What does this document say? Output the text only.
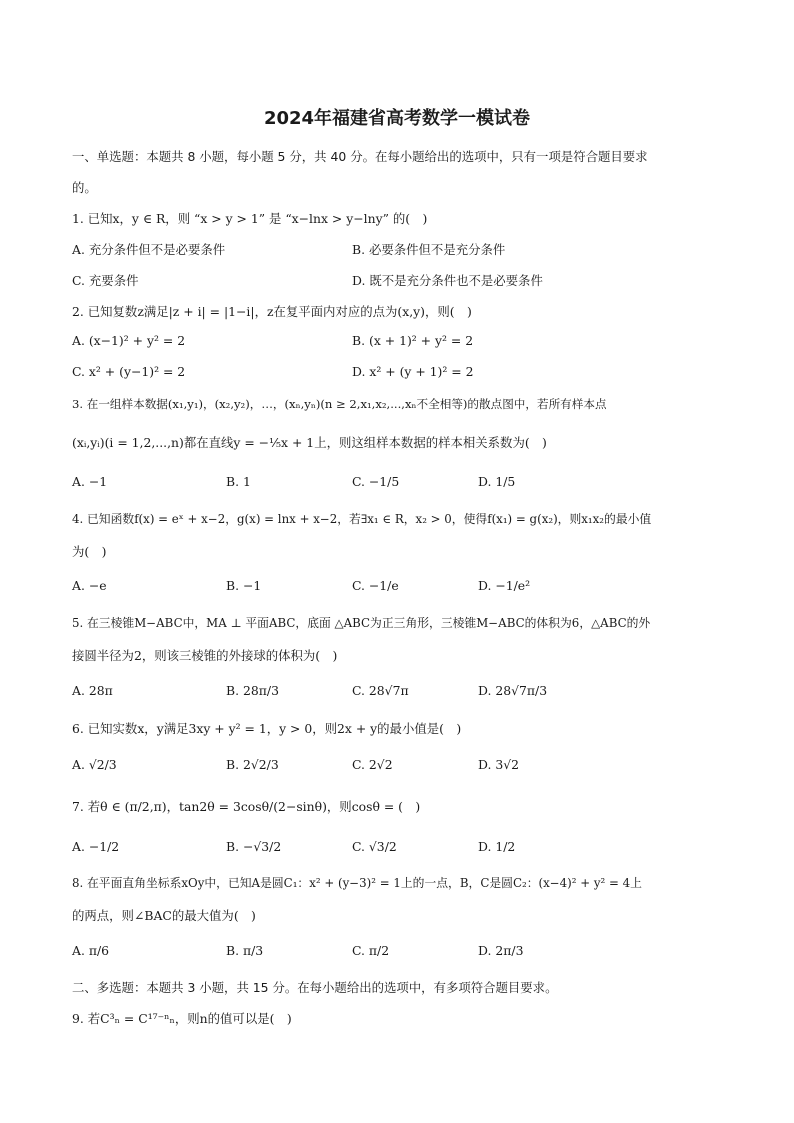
2024年福建省高考数学一模试卷
一、单选题：本题共 8 小题，每小题 5 分，共 40 分。在每小题给出的选项中，只有一项是符合题目要求
的。
1. 已知x，y ∈ R，则 “x > y > 1” 是 “x−lnx > y−lny” 的(　)
A. 充分条件但不是必要条件	B. 必要条件但不是充分条件
C. 充要条件	D. 既不是充分条件也不是必要条件
2. 已知复数z满足|z + i| = |1−i|，z在复平面内对应的点为(x,y)，则(　)
A. (x−1)² + y² = 2	B. (x + 1)² + y² = 2
C. x² + (y−1)² = 2	D. x² + (y + 1)² = 2
3. 在一组样本数据(x₁,y₁)，(x₂,y₂)，…，(xₙ,yₙ)(n ≥ 2,x₁,x₂,...,xₙ不全相等)的散点图中，若所有样本点
(xᵢ,yᵢ)(i = 1,2,...,n)都在直线y = −⅕x + 1上，则这组样本数据的样本相关系数为(　)
A. −1	B. 1	C. −1/5	D. 1/5
4. 已知函数f(x) = eˣ + x−2，g(x) = lnx + x−2，若∃x₁ ∈ R，x₂ > 0，使得f(x₁) = g(x₂)，则x₁x₂的最小值
为(　)
A. −e	B. −1	C. −1/e	D. −1/e²
5. 在三棱锥M−ABC中，MA ⊥ 平面ABC，底面 △ABC为正三角形，三棱锥M−ABC的体积为6，△ABC的外
接圆半径为2，则该三棱锥的外接球的体积为(　)
A. 28π	B. 28π/3	C. 28√7π	D. 28√7π/3
6. 已知实数x，y满足3xy + y² = 1，y > 0，则2x + y的最小值是(　)
A. √2/3	B. 2√2/3	C. 2√2	D. 3√2
7. 若θ ∈ (π/2,π)，tan2θ = 3cosθ/(2−sinθ)，则cosθ = (　)
A. −1/2	B. −√3/2	C. √3/2	D. 1/2
8. 在平面直角坐标系xOy中，已知A是圆C₁：x² + (y−3)² = 1上的一点，B，C是圆C₂：(x−4)² + y² = 4上
的两点，则∠BAC的最大值为(　)
A. π/6	B. π/3	C. π/2	D. 2π/3
二、多选题：本题共 3 小题，共 15 分。在每小题给出的选项中，有多项符合题目要求。
9. 若C³ₙ = C¹⁷⁻ⁿₙ，则n的值可以是(　)
